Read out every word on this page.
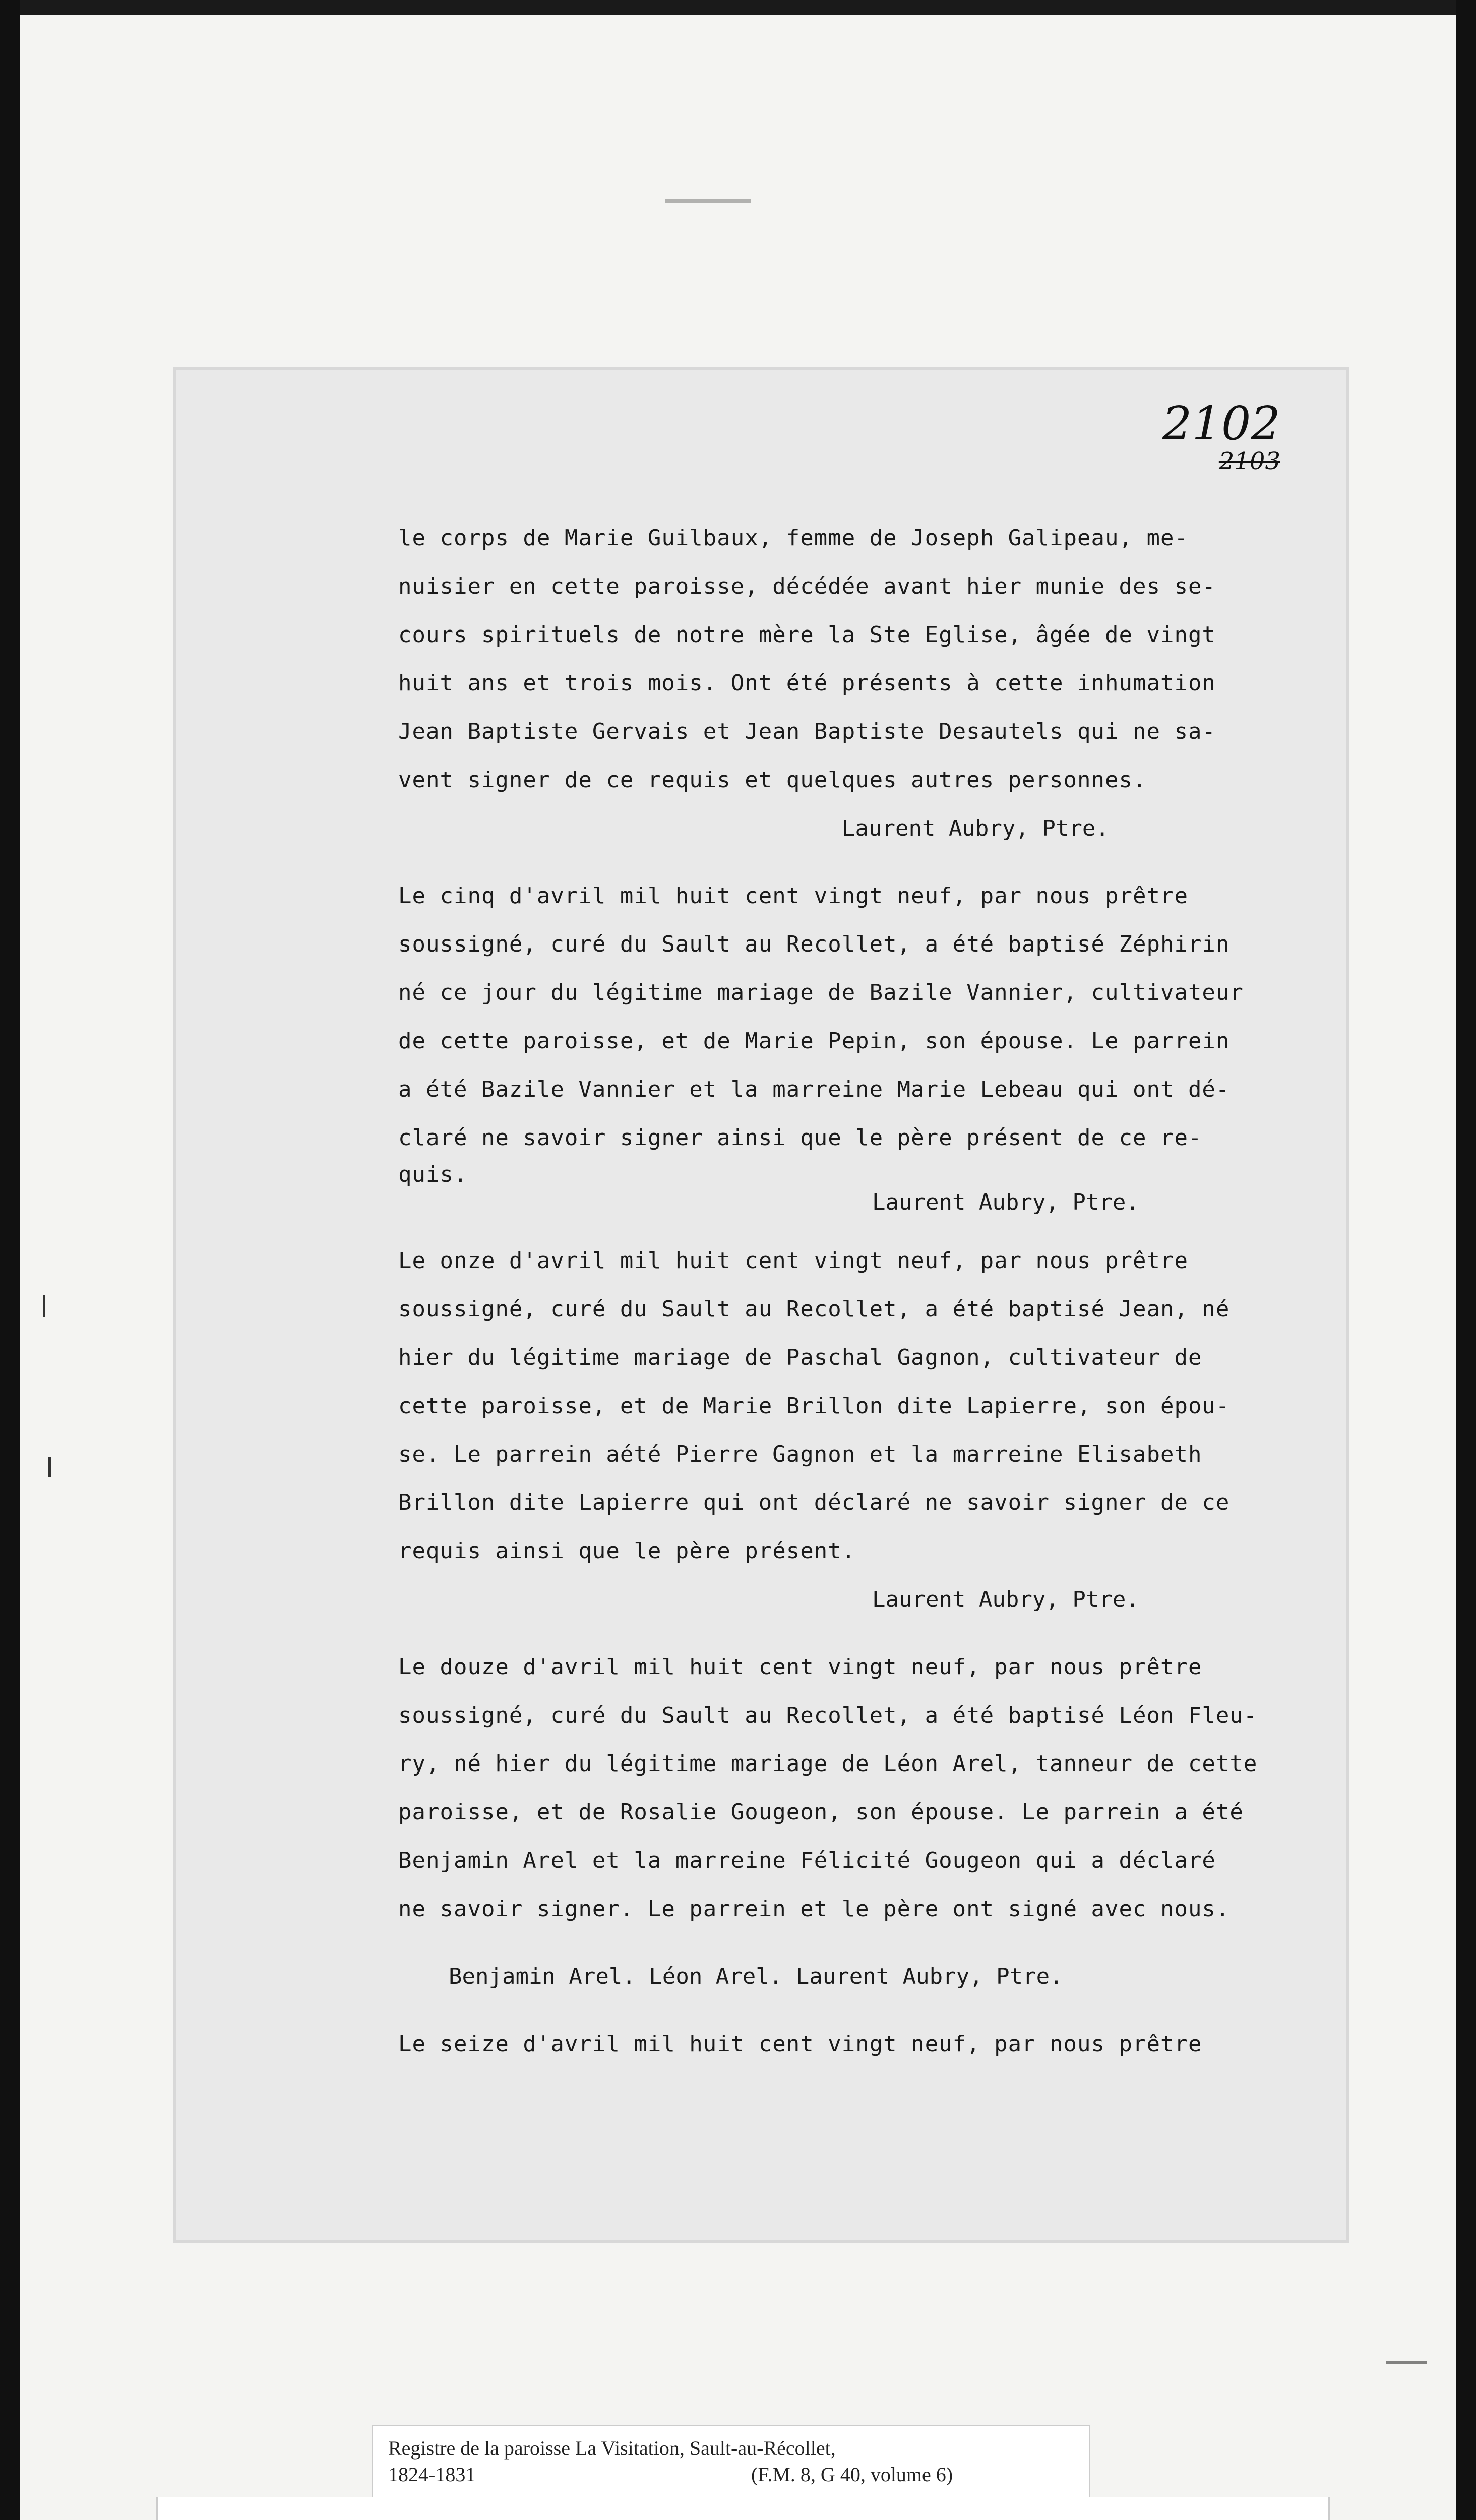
2102
2103
le corps de Marie Guilbaux, femme de Joseph Galipeau, me-
nuisier en cette paroisse, décédée avant hier munie des se-
cours spirituels de notre mère la Ste Eglise, âgée de vingt
huit ans et trois mois. Ont été présents à cette inhumation
Jean Baptiste Gervais et Jean Baptiste Desautels qui ne sa-
vent signer de ce requis et quelques autres personnes.
Laurent Aubry, Ptre.
Le cinq d'avril mil huit cent vingt neuf, par nous prêtre
soussigné, curé du Sault au Recollet, a été baptisé Zéphirin
né ce jour du légitime mariage de Bazile Vannier, cultivateur
de cette paroisse, et de Marie Pepin, son épouse. Le parrein
a été Bazile Vannier et la marreine Marie Lebeau qui ont dé-
claré ne savoir signer ainsi que le père présent de ce re-
quis.
Laurent Aubry, Ptre.
Le onze d'avril mil huit cent vingt neuf, par nous prêtre
soussigné, curé du Sault au Recollet, a été baptisé Jean, né
hier du légitime mariage de Paschal Gagnon, cultivateur de
cette paroisse, et de Marie Brillon dite Lapierre, son épou-
se. Le parrein aété Pierre Gagnon et la marreine Elisabeth
Brillon dite Lapierre qui ont déclaré ne savoir signer de ce
requis ainsi que le père présent.
Laurent Aubry, Ptre.
Le douze d'avril mil huit cent vingt neuf, par nous prêtre
soussigné, curé du Sault au Recollet, a été baptisé Léon Fleu-
ry, né hier du légitime mariage de Léon Arel, tanneur de cette
paroisse, et de Rosalie Gougeon, son épouse. Le parrein a été
Benjamin Arel et la marreine Félicité Gougeon qui a déclaré
ne savoir signer. Le parrein et le père ont signé avec nous.
Benjamin Arel. Léon Arel. Laurent Aubry, Ptre.
Le seize d'avril mil huit cent vingt neuf, par nous prêtre
Registre de la paroisse La Visitation, Sault-au-Récollet,
1824-1831	(F.M. 8, G 40, volume 6)
